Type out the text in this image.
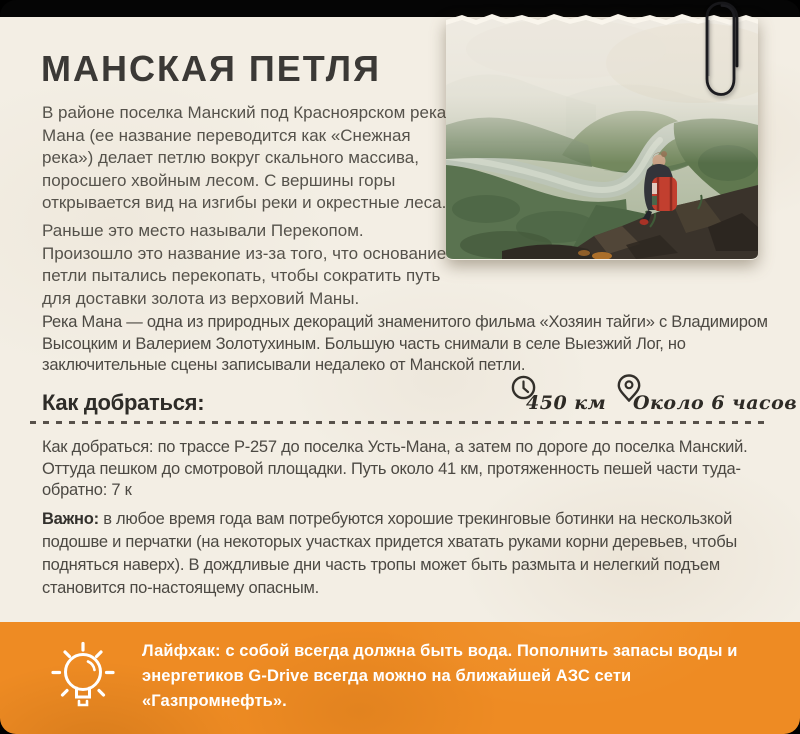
МАНСКАЯ ПЕТЛЯ

В районе поселка Манский под Красноярском река Мана (ее название переводится как «Снежная река») делает петлю вокруг скального массива, поросшего хвойным лесом. С вершины горы открывается вид на изгибы реки и окрестные леса.

Раньше это место называли Перекопом. Произошло это название из-за того, что основание петли пытались перекопать, чтобы сократить путь для доставки золота из верховий Маны.

Река Мана — одна из природных декораций знаменитого фильма «Хозяин тайги» с Владимиром Высоцким и Валерием Золотухиным. Большую часть снимали в селе Выезжий Лог, но заключительные сцены записывали недалеко от Манской петли.

Как добраться:	450 км Около 6 часов

Как добраться: по трассе Р-257 до поселка Усть-Мана, а затем по дороге до поселка Манский. Оттуда пешком до смотровой площадки. Путь около 41 км, протяженность пешей части туда-обратно: 7 к

Важно: в любое время года вам потребуются хорошие трекинговые ботинки на нескользкой подошве и перчатки (на некоторых участках придется хватать руками корни деревьев, чтобы подняться наверх). В дождливые дни часть тропы может быть размыта и нелегкий подъем становится по-настоящему опасным.

Лайфхак: с собой всегда должна быть вода. Пополнить запасы воды и энергетиков G-Drive всегда можно на ближайшей АЗС сети «Газпромнефть».
